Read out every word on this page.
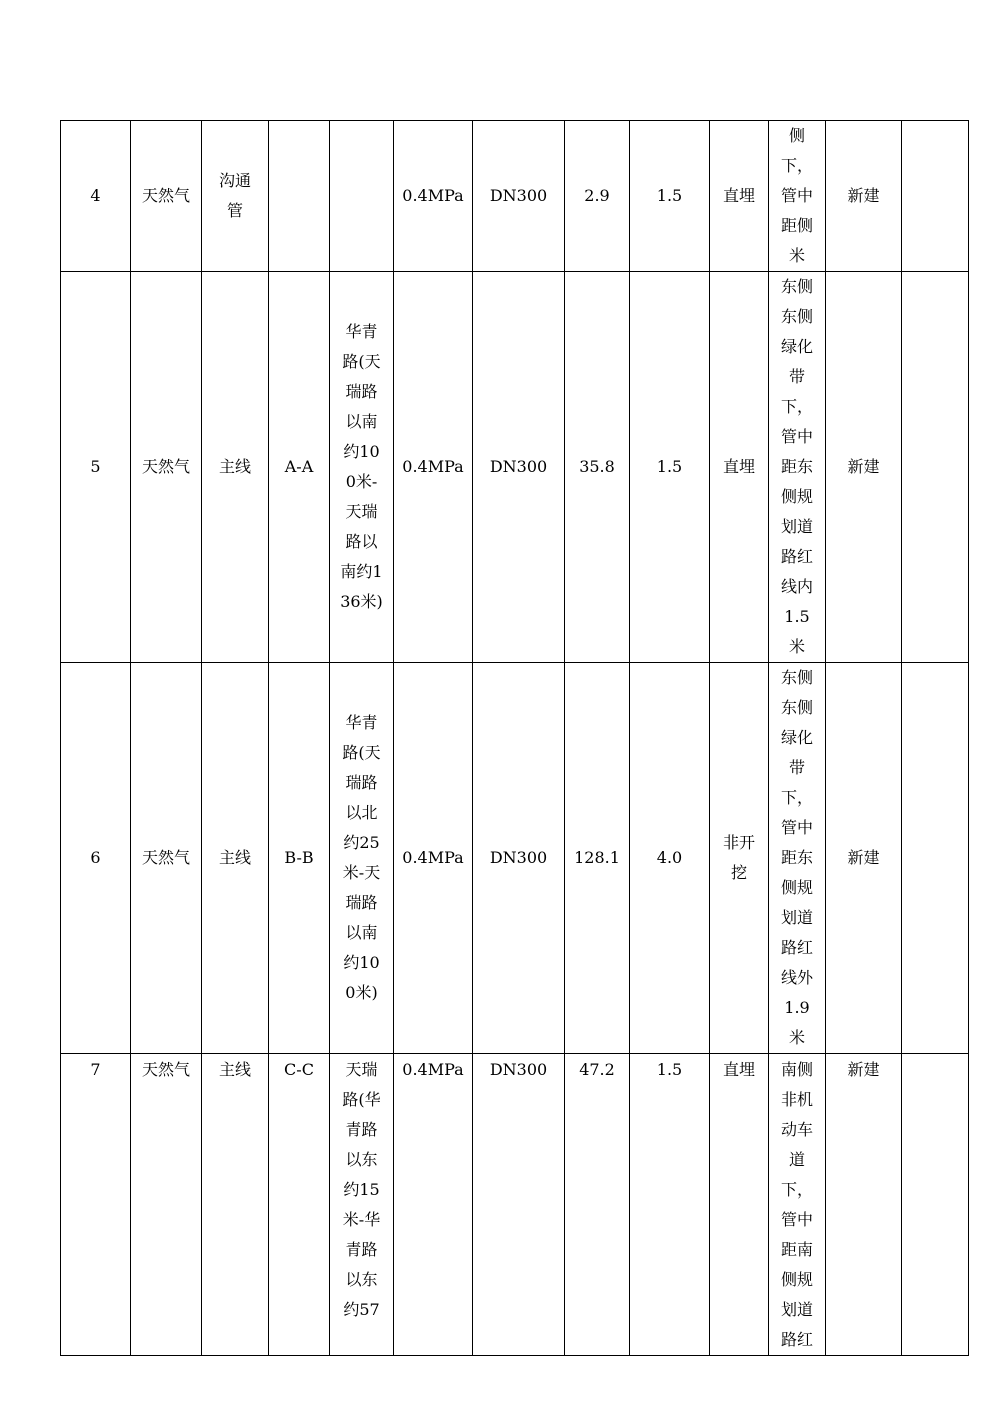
4	天然气	沟通管			0.4MPa	DN300	2.9	1.5	直埋	侧下，管中距侧米	新建	
5	天然气	主线	A-A	华青路(天瑞路以南约100米-天瑞路以南约136米)	0.4MPa	DN300	35.8	1.5	直埋	东侧东侧绿化带下，管中距东侧规划道路红线内1.5米	新建	
6	天然气	主线	B-B	华青路(天瑞路以北约25米-天瑞路以南约100米)	0.4MPa	DN300	128.1	4.0	非开挖	东侧东侧绿化带下，管中距东侧规划道路红线外1.9米	新建	
7	天然气	主线	C-C	天瑞路(华青路以东约15米-华青路以东约57	0.4MPa	DN300	47.2	1.5	直埋	南侧非机动车道下，管中距南侧规划道路红	新建	
